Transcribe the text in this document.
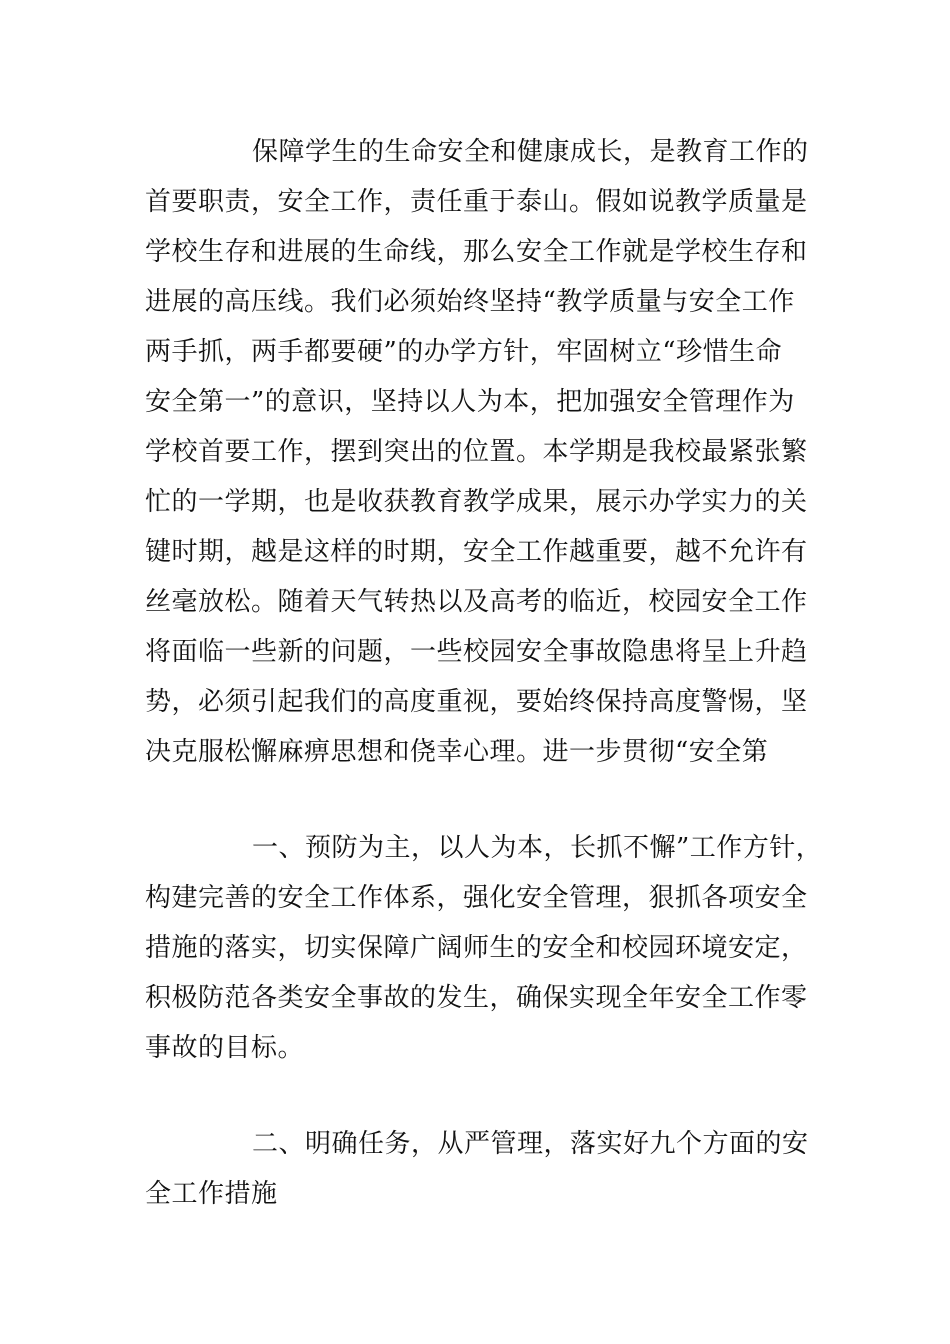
保障学生的生命安全和健康成长，是教育工作的
首要职责，安全工作，责任重于泰山。假如说教学质量是
学校生存和进展的生命线，那么安全工作就是学校生存和
进展的高压线。我们必须始终坚持“教学质量与安全工作
两手抓，两手都要硬”的办学方针，牢固树立“珍惜生命
安全第一”的意识，坚持以人为本，把加强安全管理作为
学校首要工作，摆到突出的位置。本学期是我校最紧张繁
忙的一学期，也是收获教育教学成果，展示办学实力的关
键时期，越是这样的时期，安全工作越重要，越不允许有
丝毫放松。随着天气转热以及高考的临近，校园安全工作
将面临一些新的问题，一些校园安全事故隐患将呈上升趋
势，必须引起我们的高度重视，要始终保持高度警惕，坚
决克服松懈麻痹思想和侥幸心理。进一步贯彻“安全第
一、预防为主，以人为本，长抓不懈”工作方针，
构建完善的安全工作体系，强化安全管理，狠抓各项安全
措施的落实，切实保障广阔师生的安全和校园环境安定，
积极防范各类安全事故的发生，确保实现全年安全工作零
事故的目标。
二、明确任务，从严管理，落实好九个方面的安
全工作措施
